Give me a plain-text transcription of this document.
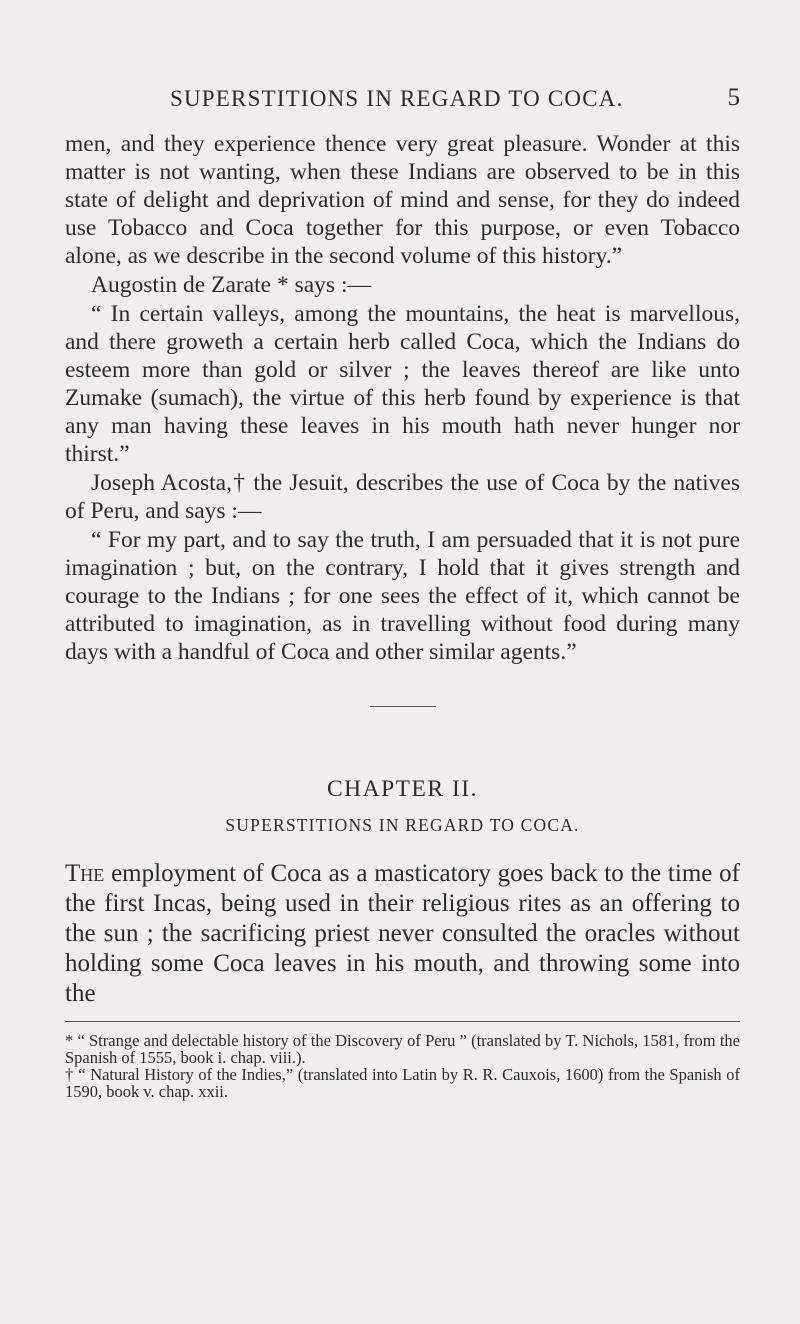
SUPERSTITIONS IN REGARD TO COCA.	5

men, and they experience thence very great pleasure. Wonder at this matter is not wanting, when these Indians are observed to be in this state of delight and deprivation of mind and sense, for they do indeed use Tobacco and Coca together for this purpose, or even Tobacco alone, as we describe in the second volume of this history.”

Augostin de Zarate * says :—

“ In certain valleys, among the mountains, the heat is marvellous, and there groweth a certain herb called Coca, which the Indians do esteem more than gold or silver ; the leaves thereof are like unto Zumake (sumach), the virtue of this herb found by experience is that any man having these leaves in his mouth hath never hunger nor thirst.”

Joseph Acosta,† the Jesuit, describes the use of Coca by the natives of Peru, and says :—

“ For my part, and to say the truth, I am persuaded that it is not pure imagination ; but, on the contrary, I hold that it gives strength and courage to the Indians ; for one sees the effect of it, which cannot be attributed to imagination, as in travelling without food during many days with a handful of Coca and other similar agents.”

CHAPTER II.
SUPERSTITIONS IN REGARD TO COCA.

The employment of Coca as a masticatory goes back to the time of the first Incas, being used in their religious rites as an offering to the sun ; the sacrificing priest never consulted the oracles without holding some Coca leaves in his mouth, and throwing some into the

* “ Strange and delectable history of the Discovery of Peru ” (translated by T. Nichols, 1581, from the Spanish of 1555, book i. chap. viii.).

† “ Natural History of the Indies,” (translated into Latin by R. R. Cauxois, 1600) from the Spanish of 1590, book v. chap. xxii.
